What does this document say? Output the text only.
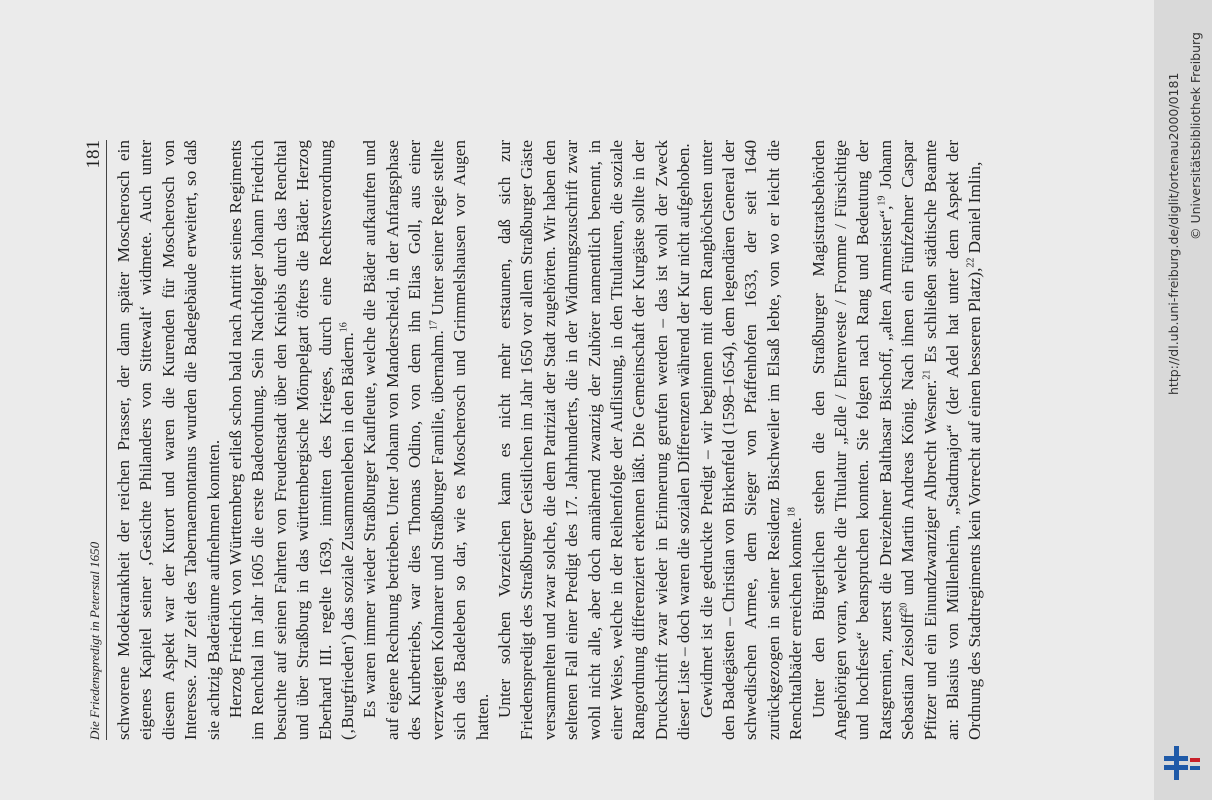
Die Friedenspredigt in Peterstal 1650
181 schworene Modekrankheit der reichen Prasser, der dann später Moscherosch ein eigenes Kapitel seiner ‚Gesichte Philanders von Sittewalt‘ widmete. Auch unter diesem Aspekt war der Kurort und waren die Kurenden für Moscherosch von Interesse. Zur Zeit des Tabernaemontanus wurden die Badegebäude erweitert, so daß sie achtzig Baderäume aufnehmen konnten. Herzog Friedrich von Württemberg erließ schon bald nach Antritt seines Regiments im Renchtal im Jahr 1605 die erste Badeordnung. Sein Nachfolger Johann Friedrich besuchte auf seinen Fahrten von Freudenstadt über den Kniebis durch das Renchtal und über Straßburg in das württembergische Mömpelgart öfters die Bäder. Herzog Eberhard III. regelte 1639, inmitten des Krieges, durch eine Rechtsverordnung (‚Burgfrieden‘) das soziale Zusammenleben in den Bädern.$^{16}$ Es waren immer wieder Straßburger Kaufleute, welche die Bäder aufkauften und auf eigene Rechnung betrieben. Unter Johann von Manderscheid, in der Anfangsphase des Kurbetriebs, war dies Thomas Odino, von dem ihn Elias Goll, aus einer verzweigten Kolmarer und Straßburger Familie, übernahm.$^{17}$ Unter seiner Regie stellte sich das Badeleben so dar, wie es Moscherosch und Grimmelshausen vor Augen hatten. Unter solchen Vorzeichen kann es nicht mehr erstaunen, daß sich zur Friedenspredigt des Straßburger Geistlichen im Jahr 1650 vor allem Straßburger Gäste versammelten und zwar solche, die dem Patriziat der Stadt zugehörten. Wir haben den seltenen Fall einer Predigt des 17. Jahrhunderts, die in der Widmungszuschrift zwar wohl nicht alle, aber doch annähernd zwanzig der Zuhörer namentlich benennt, in einer Weise, welche in der Reihenfolge der Auflistung, in den Titulaturen, die soziale Rangordnung differenziert erkennen läßt. Die Gemeinschaft der Kurgäste sollte in der Druckschrift zwar wieder in Erinnerung gerufen werden – das ist wohl der Zweck dieser Liste – doch waren die sozialen Differenzen während der Kur nicht aufgehoben. Gewidmet ist die gedruckte Predigt – wir beginnen mit dem Ranghöchsten unter den Badegästen – Christian von Birkenfeld (1598–1654), dem legendären General der schwedischen Armee, dem Sieger von Pfaffenhofen 1633, der seit 1640 zurückgezogen in seiner Residenz Bischweiler im Elsaß lebte, von wo er leicht die Renchtalbäder erreichen konnte.$^{18}$ Unter den Bürgerlichen stehen die den Straßburger Magistratsbehörden Angehörigen voran, welche die Titulatur „Edle / Ehrenveste / Fromme / Fürsichtige und hochfeste“ beanspruchen konnten. Sie folgen nach Rang und Bedeutung der Ratsgremien, zuerst die Dreizehner Balthasar Bischoff, „alten Ammeister“,$^{19}$ Johann Sebastian Zeisolff$^{20}$ und Martin Andreas König. Nach ihnen ein Fünfzehner Caspar Pfitzer und ein Einundzwanziger Albrecht Wesner.$^{21}$ Es schließen städtische Beamte an: Blasius von Müllenheim, „Stadtmajor“ (der Adel hat unter dem Aspekt der Ordnung des Stadtregiments kein Vorrecht auf einen besseren Platz),$^{22}$ Daniel Imlin,	http://dl.ub.uni-freiburg.de/diglit/ortenau2000/0181 © Universitätsbibliothek Freiburg
